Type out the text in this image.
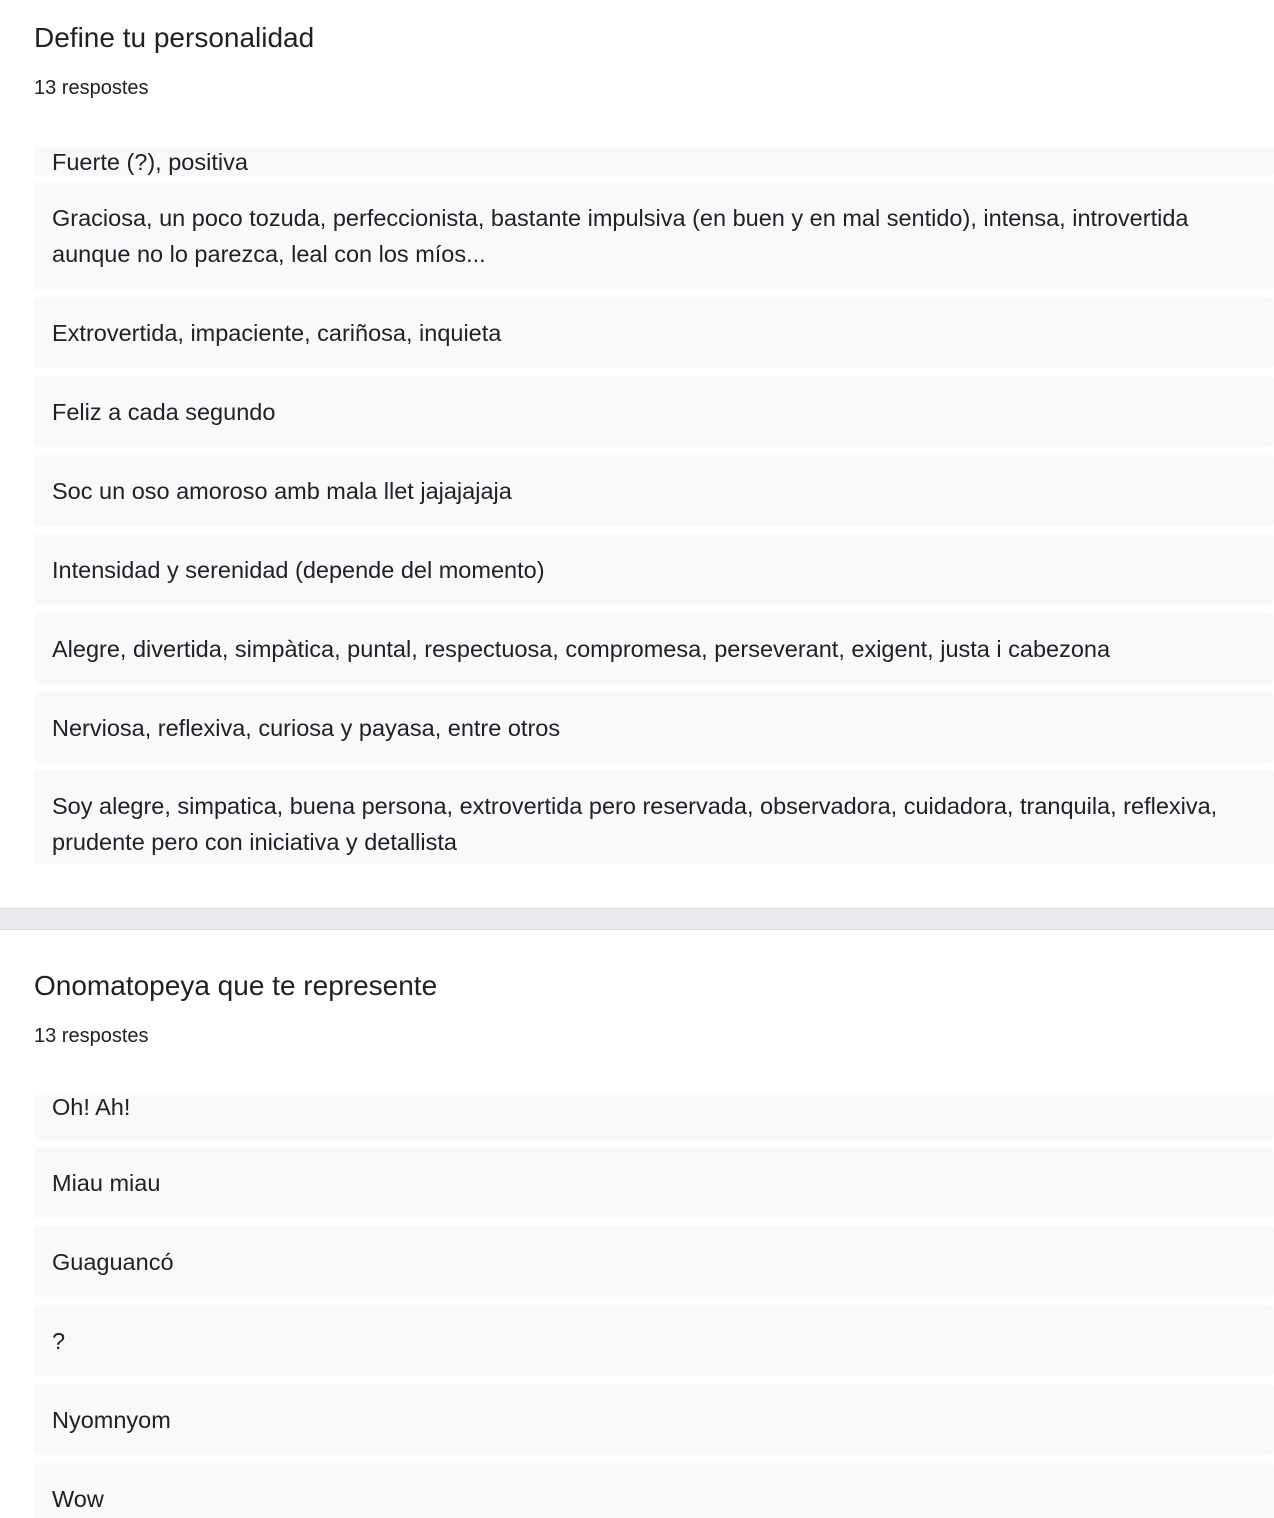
Define tu personalidad
13 respostes
Fuerte (?), positiva
Graciosa, un poco tozuda, perfeccionista, bastante impulsiva (en buen y en mal sentido), intensa, introvertida aunque no lo parezca, leal con los míos...
Extrovertida, impaciente, cariñosa, inquieta
Feliz a cada segundo
Soc un oso amoroso amb mala llet jajajajaja
Intensidad y serenidad (depende del momento)
Alegre, divertida, simpàtica, puntal, respectuosa, compromesa, perseverant, exigent, justa i cabezona
Nerviosa, reflexiva, curiosa y payasa, entre otros
Soy alegre, simpatica, buena persona, extrovertida pero reservada, observadora, cuidadora, tranquila, reflexiva, prudente pero con iniciativa y detallista
Onomatopeya que te represente
13 respostes
Oh! Ah!
Miau miau
Guaguancó
?
Nyomnyom
Wow
